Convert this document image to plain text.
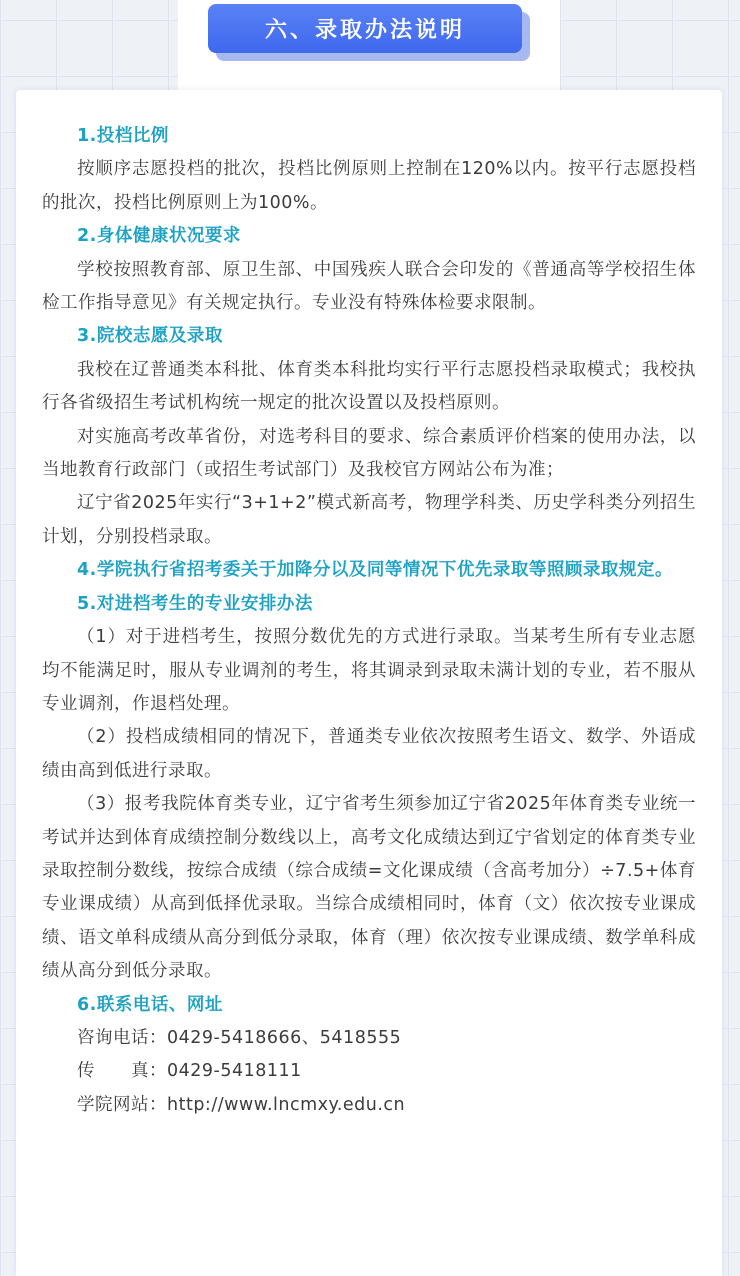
六、录取办法说明

1.投档比例

按顺序志愿投档的批次，投档比例原则上控制在120%以内。按平行志愿投档的批次，投档比例原则上为100%。

2.身体健康状况要求

学校按照教育部、原卫生部、中国残疾人联合会印发的《普通高等学校招生体检工作指导意见》有关规定执行。专业没有特殊体检要求限制。

3.院校志愿及录取

我校在辽普通类本科批、体育类本科批均实行平行志愿投档录取模式；我校执行各省级招生考试机构统一规定的批次设置以及投档原则。

对实施高考改革省份，对选考科目的要求、综合素质评价档案的使用办法，以当地教育行政部门（或招生考试部门）及我校官方网站公布为准；

辽宁省2025年实行“3+1+2”模式新高考，物理学科类、历史学科类分列招生计划，分别投档录取。

4.学院执行省招考委关于加降分以及同等情况下优先录取等照顾录取规定。

5.对进档考生的专业安排办法

（1）对于进档考生，按照分数优先的方式进行录取。当某考生所有专业志愿均不能满足时，服从专业调剂的考生，将其调录到录取未满计划的专业，若不服从专业调剂，作退档处理。

（2）投档成绩相同的情况下，普通类专业依次按照考生语文、数学、外语成绩由高到低进行录取。

（3）报考我院体育类专业，辽宁省考生须参加辽宁省2025年体育类专业统一考试并达到体育成绩控制分数线以上，高考文化成绩达到辽宁省划定的体育类专业录取控制分数线，按综合成绩（综合成绩=文化课成绩（含高考加分）÷7.5+体育专业课成绩）从高到低择优录取。当综合成绩相同时，体育（文）依次按专业课成绩、语文单科成绩从高分到低分录取，体育（理）依次按专业课成绩、数学单科成绩从高分到低分录取。

6.联系电话、网址

咨询电话：0429-5418666、5418555

传　　真：0429-5418111

学院网站：http://www.lncmxy.edu.cn
